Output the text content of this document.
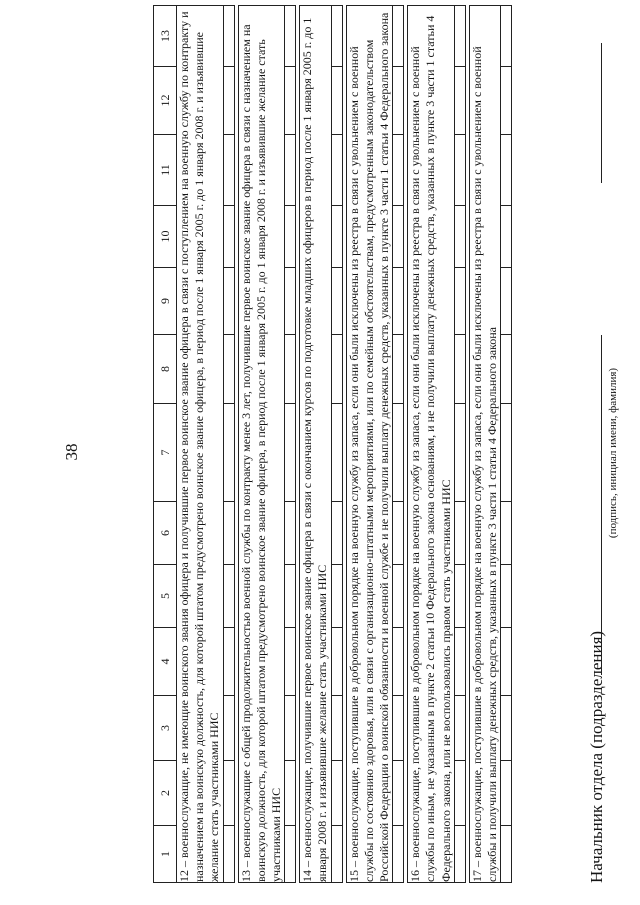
38
1	2	3	4	5	6	7	8	9	10	11	12	13
12 – военнослужащие, не имеющие воинского звания офицера и получившие первое воинское звание офицера в связи с поступлением на военную службу по контракту и назначением на воинскую должность, для которой штатом предусмотрено воинское звание офицера, в период после 1 января 2005 г. до 1 января 2008 г. и изъявившие желание стать участниками НИС												

13 – военнослужащие с общей продолжительностью военной службы по контракту менее 3 лет, получившие первое воинское звание офицера в связи с назначением на воинскую должность, для которой штатом предусмотрено воинское звание офицера, в период после 1 января 2005 г. до 1 января 2008 г. и изъявившие желание стать участниками НИС												

14 – военнослужащие, получившие первое воинское звание офицера в связи с окончанием курсов по подготовке младших офицеров в период после 1 января 2005 г. до 1 января 2008 г. и изъявившие желание стать участниками НИС												

15 – военнослужащие, поступившие в добровольном порядке на военную службу из запаса, если они были исключены из реестра в связи с увольнением с военной службы по состоянию здоровья, или в связи с организационно-штатными мероприятиями, или по семейным обстоятельствам, предусмотренным законодательством Российской Федерации о воинской обязанности и военной службе и не получили выплату денежных средств, указанных в пункте 3 части 1 статьи 4 Федерального закона												

16 – военнослужащие, поступившие в добровольном порядке на военную службу из запаса, если они были исключены из реестра в связи с увольнением с военной службы по иным, не указанным в пункте 2 статьи 10 Федерального закона основаниям, и не получили выплату денежных средств, указанных в пункте 3 части 1 статьи 4 Федерального закона, или не воспользовались правом стать участниками НИС												

17 – военнослужащие, поступившие в добровольном порядке на военную службу из запаса, если они были исключены из реестра в связи с увольнением с военной службы и получили выплату денежных средств, указанных в пункте 3 части 1 статьи 4 Федерального закона												
													Начальник отдела (подразделения)
(подпись, инициал имени, фамилия)
